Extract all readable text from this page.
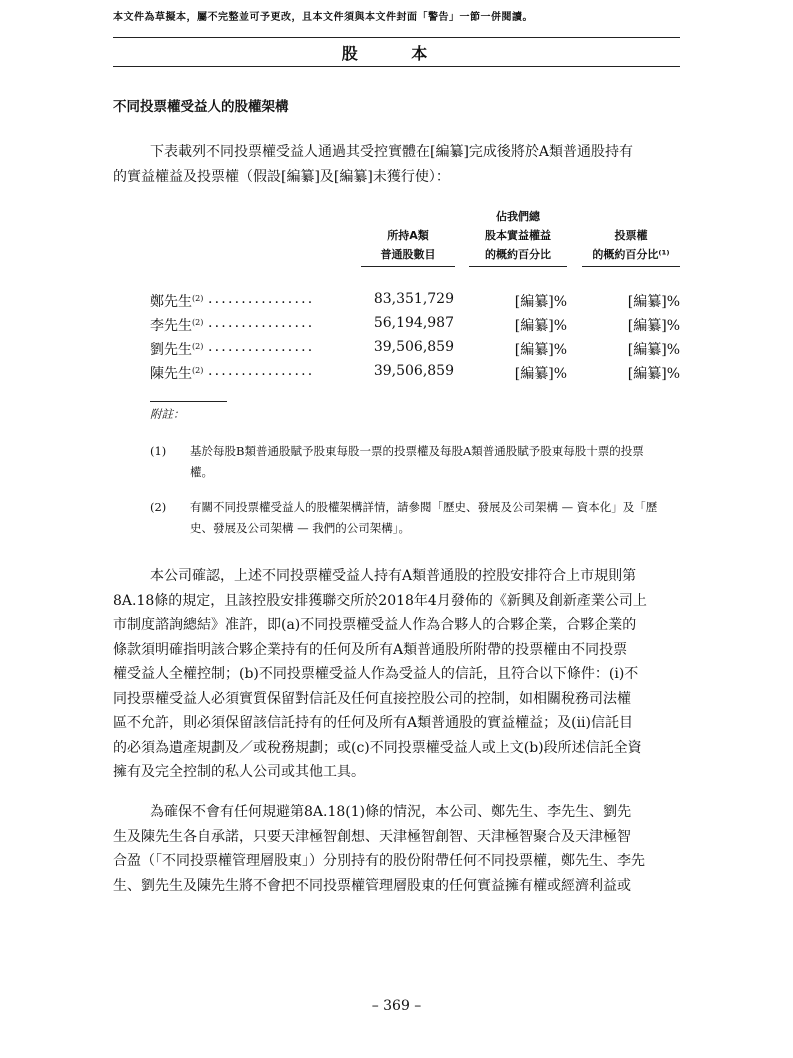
本文件為草擬本，屬不完整並可予更改，且本文件須與本文件封面「警告」一節一併閱讀。
股 本
不同投票權受益人的股權架構
下表載列不同投票權受益人通過其受控實體在[編纂]完成後將於A類普通股持有
的實益權益及投票權（假設[編纂]及[編纂]未獲行使）：
所持A類
普通股數目
佔我們總
股本實益權益
的概約百分比
投票權
的概約百分比⁽¹⁾
鄭先生$^{(2)}$ ................	83,351,729	[編纂]%	[編纂]%
李先生$^{(2)}$ ................	56,194,987	[編纂]%	[編纂]%
劉先生$^{(2)}$ ................	39,506,859	[編纂]%	[編纂]%
陳先生$^{(2)}$ ................	39,506,859	[編纂]%	[編纂]%
附註：
(1) 基於每股B類普通股賦予股東每股一票的投票權及每股A類普通股賦予股東每股十票的投票
權。
(2) 有關不同投票權受益人的股權架構詳情，請參閱「歷史、發展及公司架構 — 資本化」及「歷
史、發展及公司架構 — 我們的公司架構」。
本公司確認，上述不同投票權受益人持有A類普通股的控股安排符合上市規則第
8A.18條的規定，且該控股安排獲聯交所於2018年4月發佈的《新興及創新產業公司上
市制度諮詢總結》准許，即(a)不同投票權受益人作為合夥人的合夥企業，合夥企業的
條款須明確指明該合夥企業持有的任何及所有A類普通股所附帶的投票權由不同投票
權受益人全權控制；(b)不同投票權受益人作為受益人的信託，且符合以下條件：(i)不
同投票權受益人必須實質保留對信託及任何直接控股公司的控制，如相關稅務司法權
區不允許，則必須保留該信託持有的任何及所有A類普通股的實益權益；及(ii)信託目
的必須為遺產規劃及／或稅務規劃；或(c)不同投票權受益人或上文(b)段所述信託全資
擁有及完全控制的私人公司或其他工具。
為確保不會有任何規避第8A.18(1)條的情況，本公司、鄭先生、李先生、劉先
生及陳先生各自承諾，只要天津極智創想、天津極智創智、天津極智聚合及天津極智
合盈（「不同投票權管理層股東」）分別持有的股份附帶任何不同投票權，鄭先生、李先
生、劉先生及陳先生將不會把不同投票權管理層股東的任何實益擁有權或經濟利益或
– 369 –
